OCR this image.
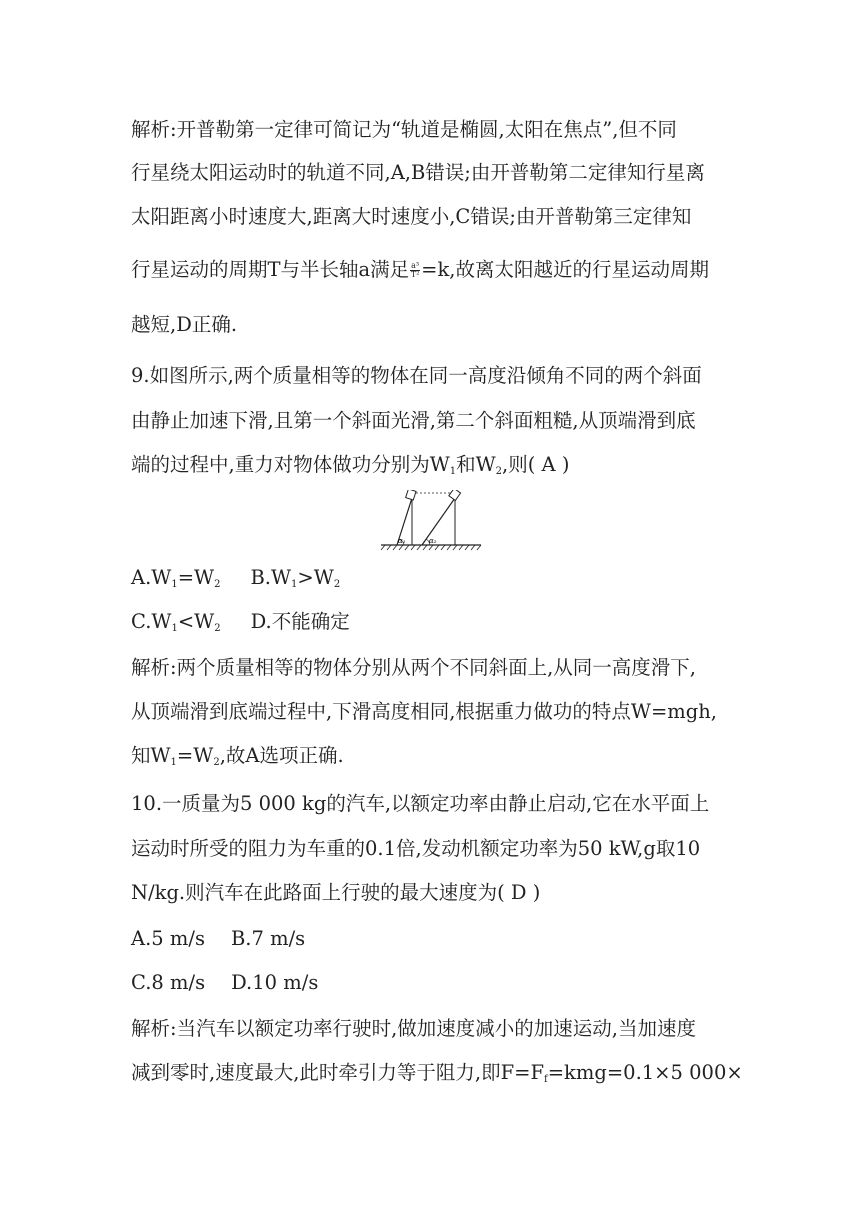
解析:开普勒第一定律可简记为“轨道是椭圆,太阳在焦点”,但不同
行星绕太阳运动时的轨道不同,A,B错误;由开普勒第二定律知行星离
太阳距离小时速度大,距离大时速度小,C错误;由开普勒第三定律知
行星运动的周期T与半长轴a满足 $\frac{\text{a³}}{\text{T²}} =k$,故离太阳越近的行星运动周期
越短,D正确.
9.如图所示,两个质量相等的物体在同一高度沿倾角不同的两个斜面
由静止加速下滑,且第一个斜面光滑,第二个斜面粗糙,从顶端滑到底
端的过程中,重力对物体做功分别为$W_1$和$W_2$,则( A )
α₁	α₂
$A.W_1=W_2$ $B.W_1>W_2$
$C.W_1<W_2$ D.不能确定
解析:两个质量相等的物体分别从两个不同斜面上,从同一高度滑下,
从顶端滑到底端过程中,下滑高度相同,根据重力做功的特点W=mgh,
知$W_1=W_2$,故A选项正确.
10.一质量为5 000 kg的汽车,以额定功率由静止启动,它在水平面上
运动时所受的阻力为车重的0.1倍,发动机额定功率为50 kW,g取10
N/kg.则汽车在此路面上行驶的最大速度为( D )
A.5 m/s B.7 m/s
C.8 m/s D.10 m/s
解析:当汽车以额定功率行驶时,做加速度减小的加速运动,当加速度
减到零时,速度最大,此时牵引力等于阻力,即$F=F_f=kmg=0.1\times 5$ 000×
